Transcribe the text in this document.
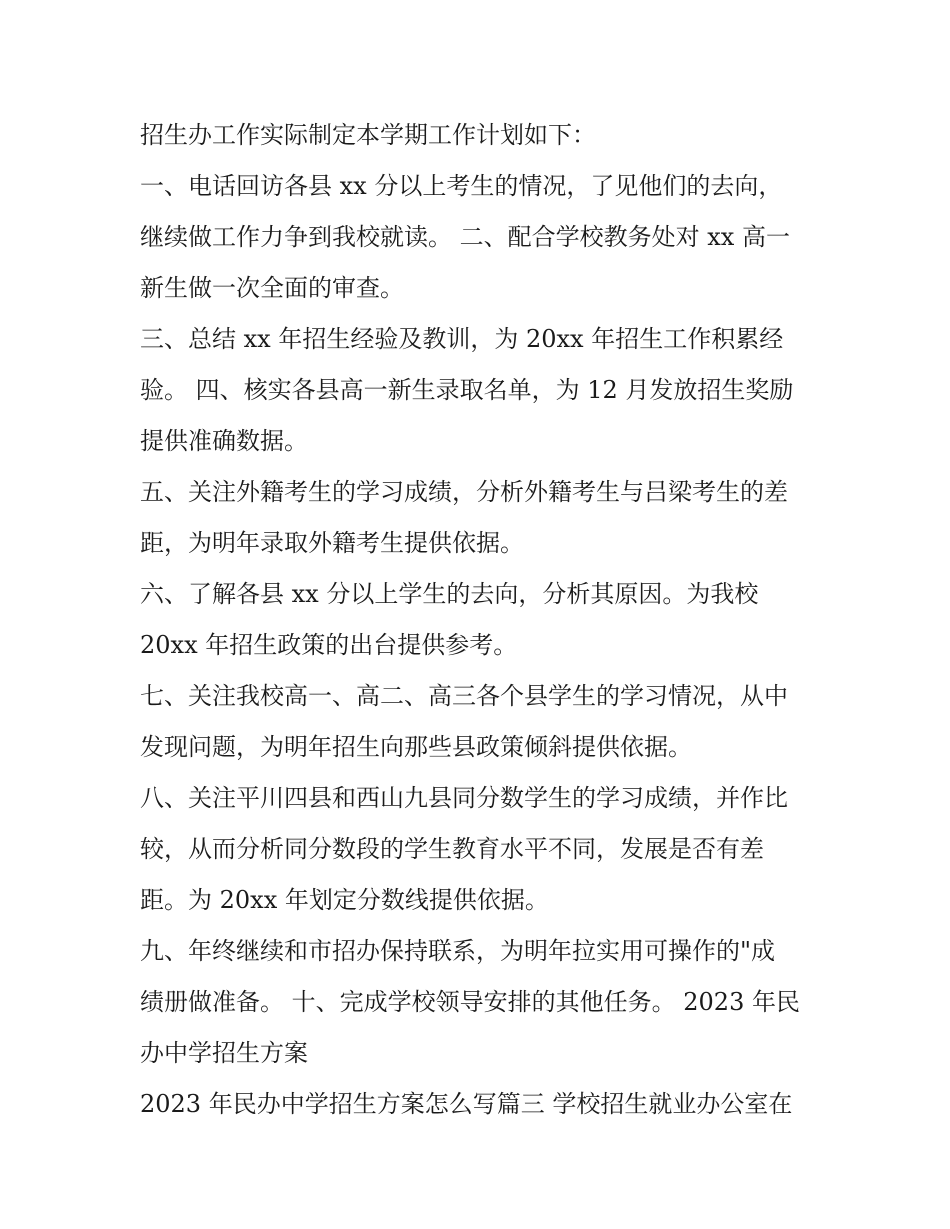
招生办工作实际制定本学期工作计划如下：
一、电话回访各县 xx 分以上考生的情况，了见他们的去向，
继续做工作力争到我校就读。 二、配合学校教务处对 xx 高一
新生做一次全面的审查。
三、总结 xx 年招生经验及教训，为 20xx 年招生工作积累经
验。 四、核实各县高一新生录取名单，为 12 月发放招生奖励
提供准确数据。
五、关注外籍考生的学习成绩，分析外籍考生与吕梁考生的差
距，为明年录取外籍考生提供依据。
六、了解各县 xx 分以上学生的去向，分析其原因。为我校
20xx 年招生政策的出台提供参考。
七、关注我校高一、高二、高三各个县学生的学习情况，从中
发现问题，为明年招生向那些县政策倾斜提供依据。
八、关注平川四县和西山九县同分数学生的学习成绩，并作比
较，从而分析同分数段的学生教育水平不同，发展是否有差
距。为 20xx 年划定分数线提供依据。
九、年终继续和市招办保持联系，为明年拉实用可操作的"成
绩册做准备。 十、完成学校领导安排的其他任务。 2023 年民
办中学招生方案
2023 年民办中学招生方案怎么写篇三 学校招生就业办公室在
